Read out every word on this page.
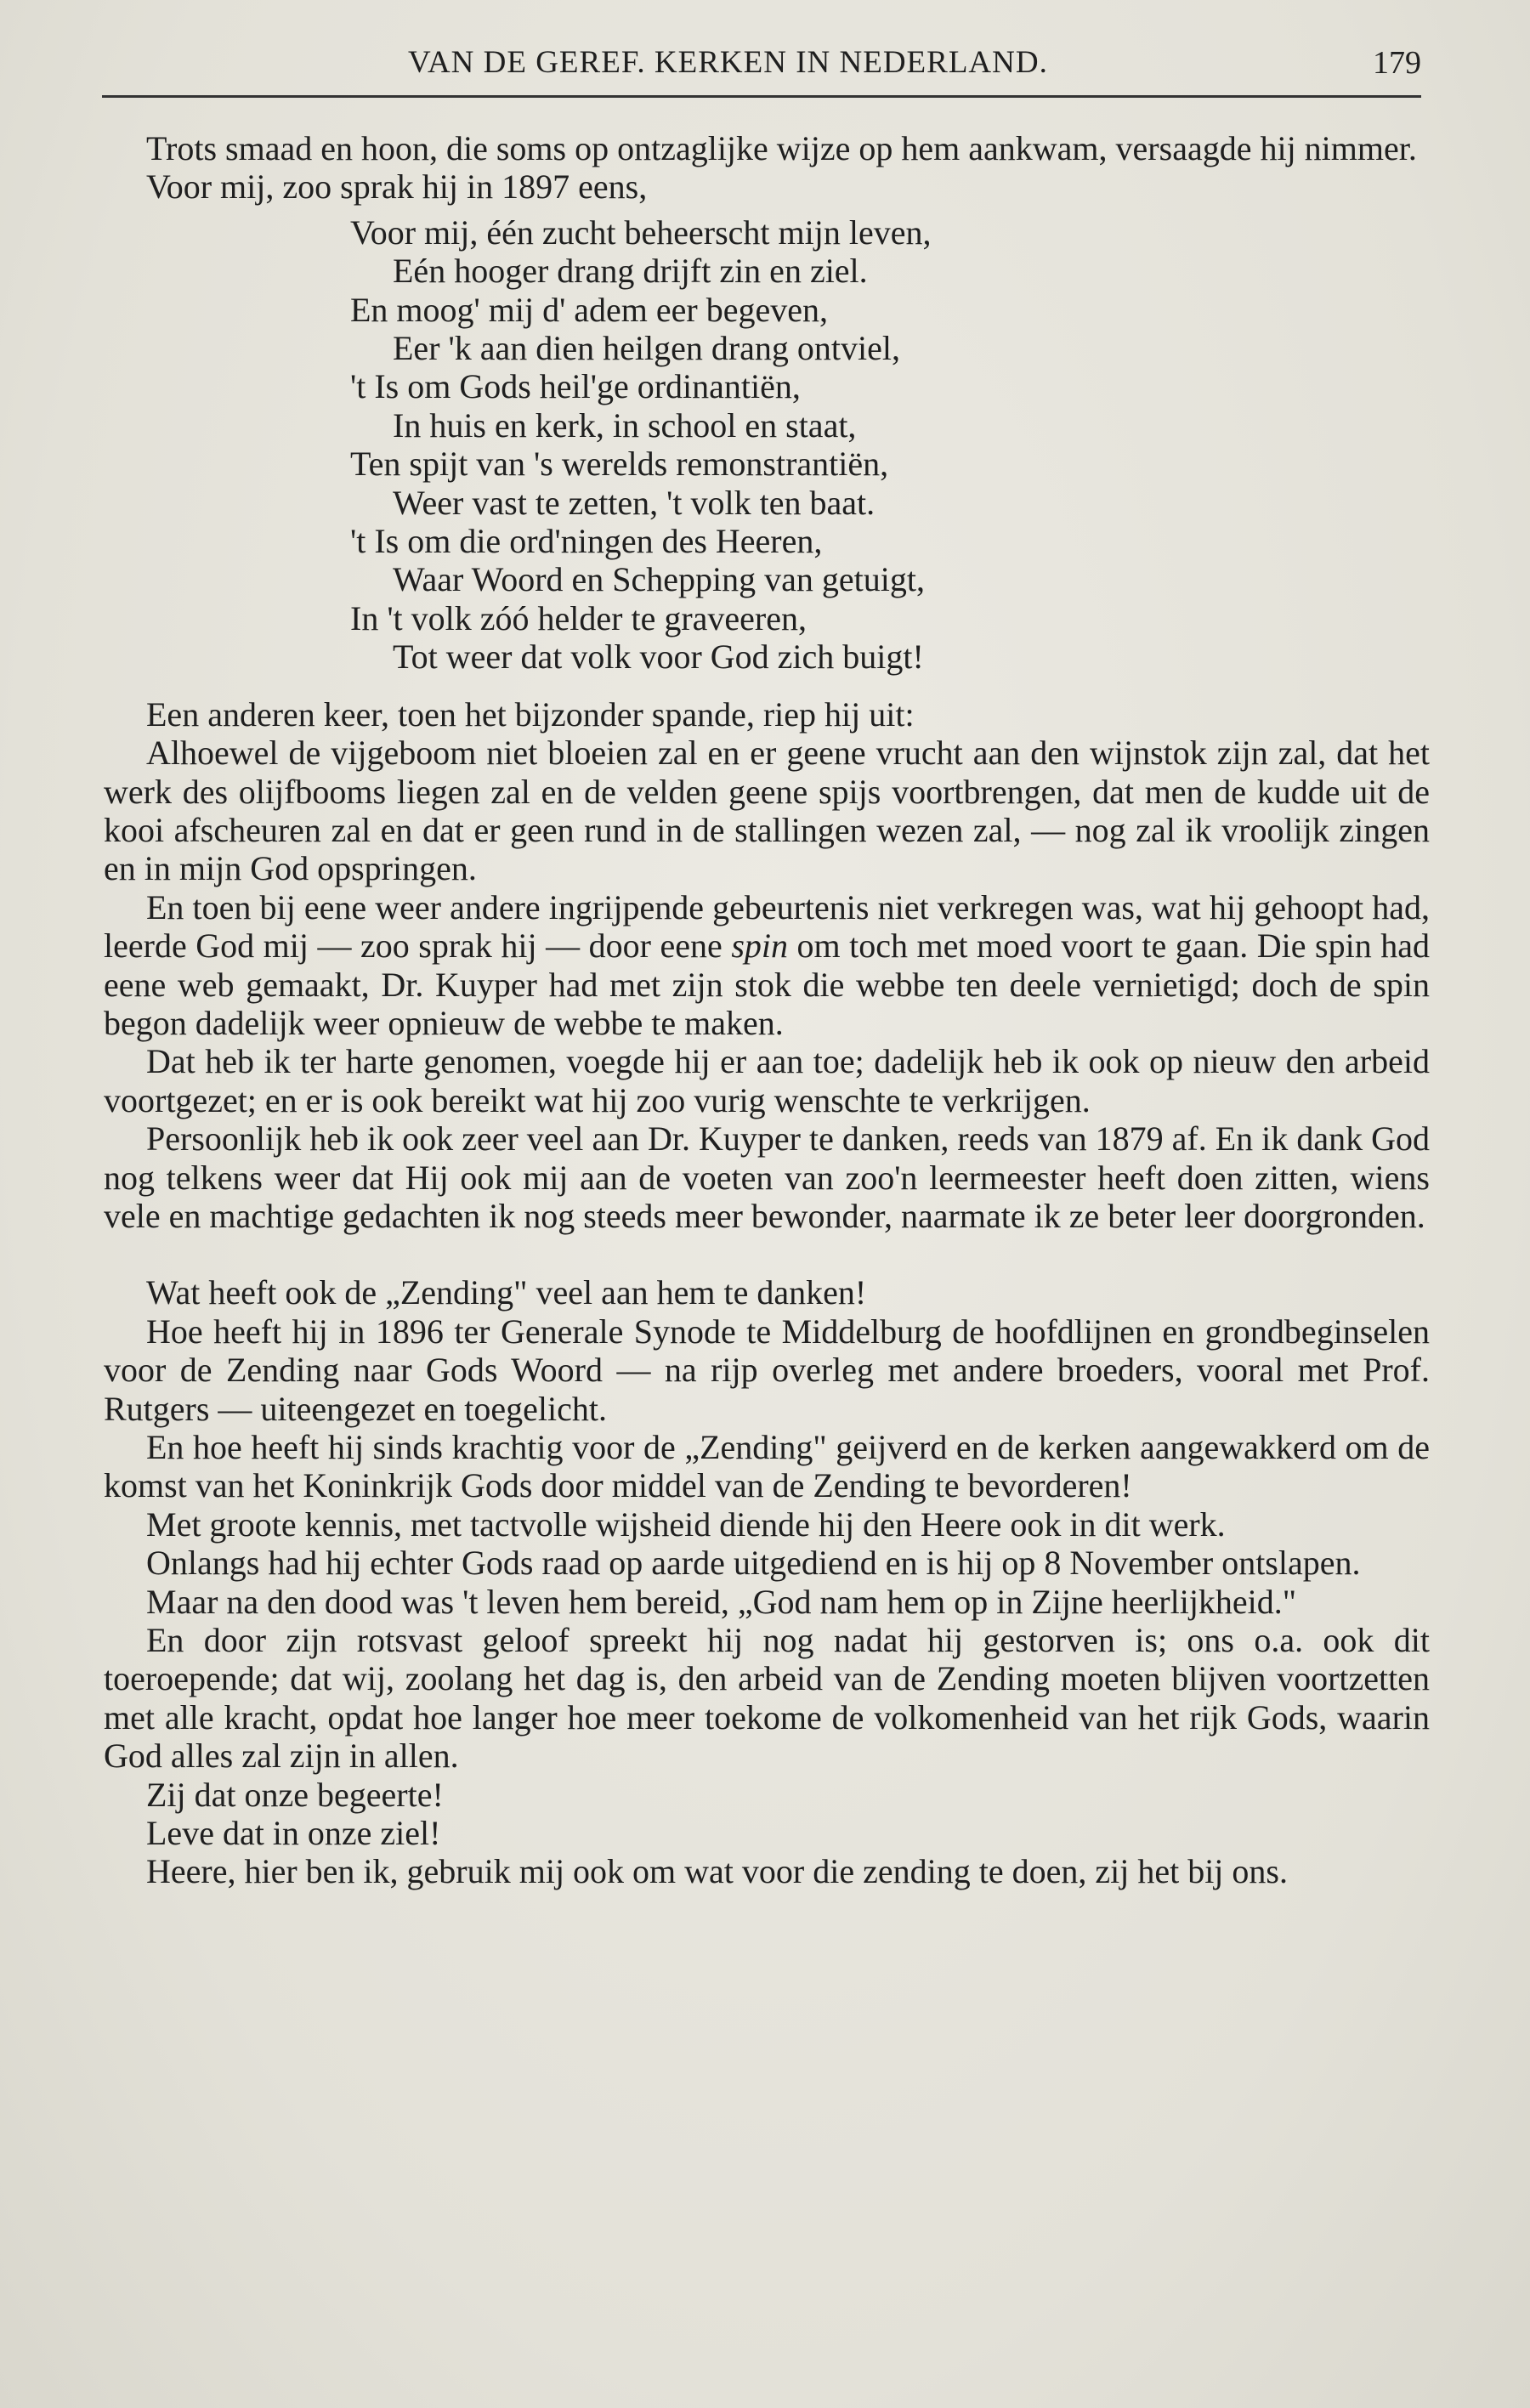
VAN DE GEREF. KERKEN IN NEDERLAND.	179

Trots smaad en hoon, die soms op ontzaglijke wijze op hem aankwam, versaagde hij nimmer.

Voor mij, zoo sprak hij in 1897 eens,

Voor mij, één zucht beheerscht mijn leven,

Eén hooger drang drijft zin en ziel.

En moog' mij d' adem eer begeven,

Eer 'k aan dien heilgen drang ontviel,

't Is om Gods heil'ge ordinantiën,

In huis en kerk, in school en staat,

Ten spijt van 's werelds remonstrantiën,

Weer vast te zetten, 't volk ten baat.

't Is om die ord'ningen des Heeren,

Waar Woord en Schepping van getuigt,

In 't volk zóó helder te graveeren,

Tot weer dat volk voor God zich buigt!

Een anderen keer, toen het bijzonder spande, riep hij uit:

Alhoewel de vijgeboom niet bloeien zal en er geene vrucht aan den wijnstok zijn zal, dat het werk des olijfbooms liegen zal en de velden geene spijs voortbrengen, dat men de kudde uit de kooi afscheuren zal en dat er geen rund in de stallingen wezen zal, — nog zal ik vroolijk zingen en in mijn God opspringen.

En toen bij eene weer andere ingrijpende gebeurtenis niet verkregen was, wat hij gehoopt had, leerde God mij — zoo sprak hij — door eene spin om toch met moed voort te gaan. Die spin had eene web gemaakt, Dr. Kuyper had met zijn stok die webbe ten deele vernietigd; doch de spin begon dadelijk weer opnieuw de webbe te maken.

Dat heb ik ter harte genomen, voegde hij er aan toe; dadelijk heb ik ook op nieuw den arbeid voortgezet; en er is ook bereikt wat hij zoo vurig wenschte te verkrijgen.

Persoonlijk heb ik ook zeer veel aan Dr. Kuyper te danken, reeds van 1879 af. En ik dank God nog telkens weer dat Hij ook mij aan de voeten van zoo'n leermeester heeft doen zitten, wiens vele en machtige gedachten ik nog steeds meer bewonder, naarmate ik ze beter leer doorgronden.

Wat heeft ook de „Zending" veel aan hem te danken!

Hoe heeft hij in 1896 ter Generale Synode te Middelburg de hoofdlijnen en grondbeginselen voor de Zending naar Gods Woord — na rijp overleg met andere broeders, vooral met Prof. Rutgers — uiteengezet en toegelicht.

En hoe heeft hij sinds krachtig voor de „Zending" geijverd en de kerken aangewakkerd om de komst van het Koninkrijk Gods door middel van de Zending te bevorderen!

Met groote kennis, met tactvolle wijsheid diende hij den Heere ook in dit werk.

Onlangs had hij echter Gods raad op aarde uitgediend en is hij op 8 November ontslapen.

Maar na den dood was 't leven hem bereid, „God nam hem op in Zijne heerlijkheid."

En door zijn rotsvast geloof spreekt hij nog nadat hij gestorven is; ons o.a. ook dit toeroepende; dat wij, zoolang het dag is, den arbeid van de Zending moeten blijven voortzetten met alle kracht, opdat hoe langer hoe meer toekome de volkomenheid van het rijk Gods, waarin God alles zal zijn in allen.

Zij dat onze begeerte!

Leve dat in onze ziel!

Heere, hier ben ik, gebruik mij ook om wat voor die zending te doen, zij het bij ons.
